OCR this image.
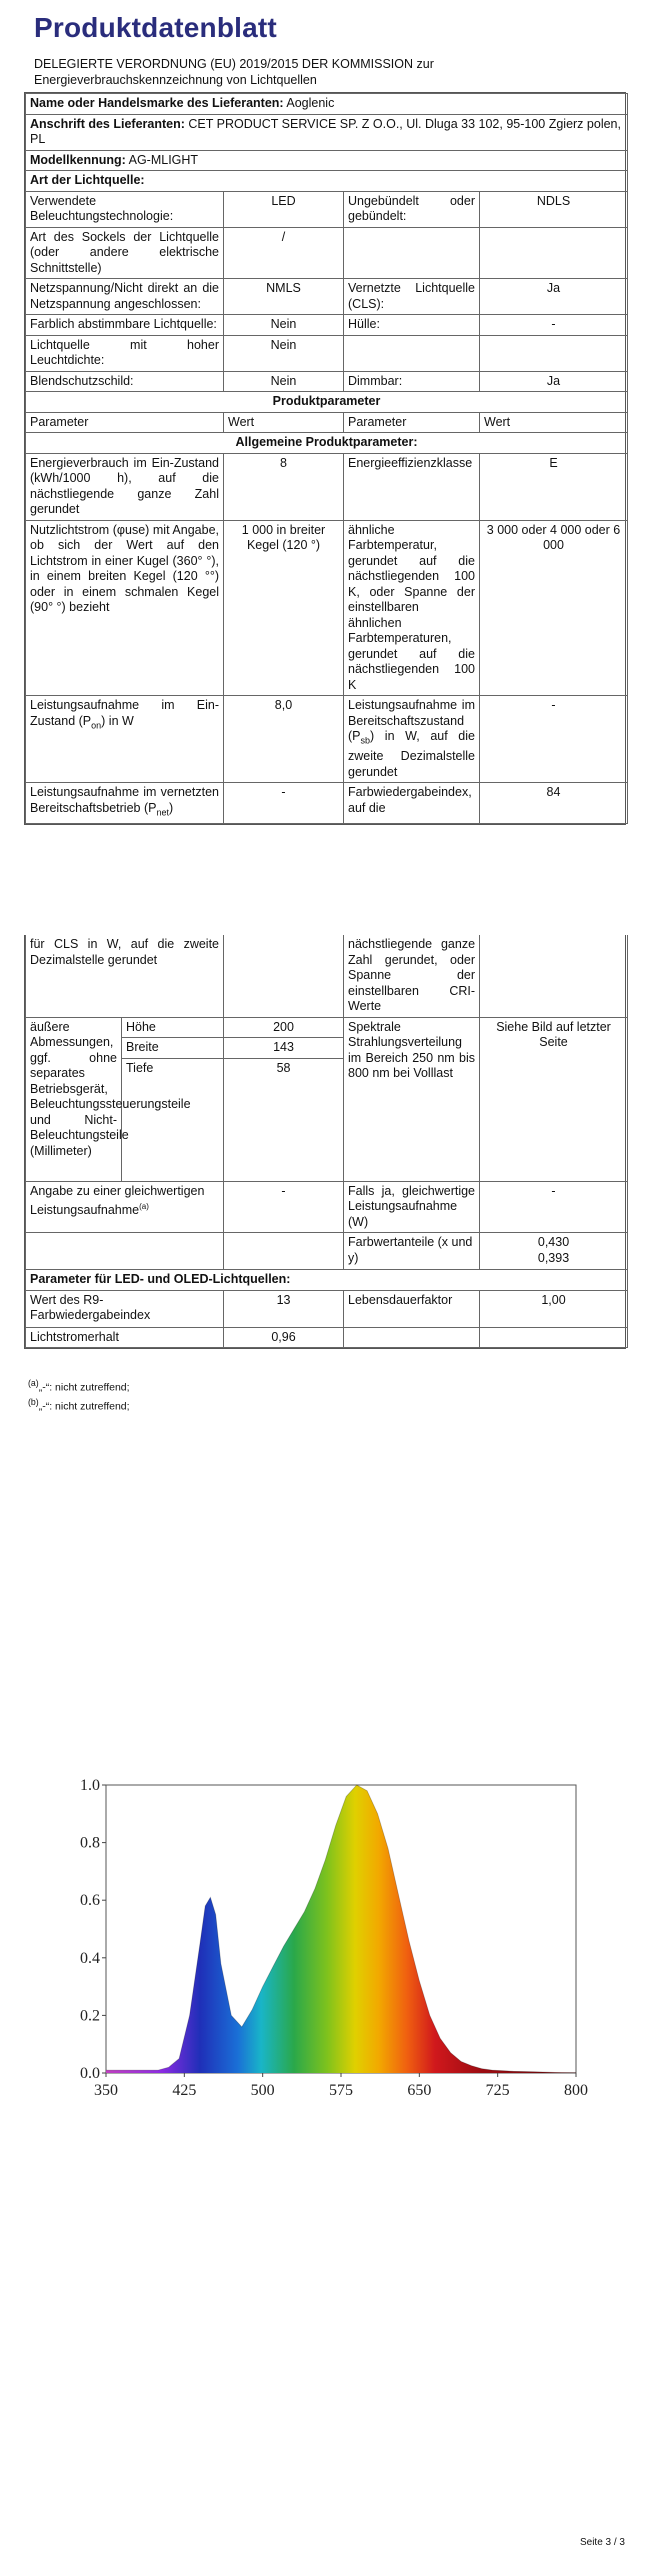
Produktdatenblatt
DELEGIERTE VERORDNUNG (EU) 2019/2015 DER KOMMISSION zur Energieverbrauchskennzeichnung von Lichtquellen
Name oder Handelsmarke des Lieferanten: Aoglenic			
Anschrift des Lieferanten: CET PRODUCT SERVICE SP. Z O.O., Ul. Dluga 33 102, 95-100 Zgierz polen, PL			
Modellkennung: AG-MLIGHT			
Art der Lichtquelle:			
Verwendete Beleuchtungstechnologie:	LED	Ungebündelt oder gebündelt:	NDLS
Art des Sockels der Lichtquelle (oder andere elektrische Schnittstelle)	/		
Netzspannung/Nicht direkt an die Netzspannung angeschlossen:	NMLS	Vernetzte Lichtquelle (CLS):	Ja
Farblich abstimmbare Lichtquelle:	Nein	Hülle:	-
Lichtquelle mit hoher Leuchtdichte:	Nein		
Blendschutzschild:	Nein	Dimmbar:	Ja
Produktparameter			
Parameter	Wert	Parameter	Wert
Allgemeine Produktparameter:			
Energieverbrauch im Ein-Zustand (kWh/1000 h), auf die nächstliegende ganze Zahl gerundet	8	Energieeffizienzklasse	E
Nutzlichtstrom (φuse) mit Angabe, ob sich der Wert auf den Lichtstrom in einer Kugel (360° °), in einem breiten Kegel (120 °°) oder in einem schmalen Kegel (90° °) bezieht	1 000 in breiter Kegel (120 °)	ähnliche Farbtemperatur, gerundet auf die nächstliegenden 100 K, oder Spanne der einstellbaren ähnlichen Farbtemperaturen, gerundet auf die nächstliegenden 100 K	3 000 oder 4 000 oder 6 000
Leistungsaufnahme im Ein-Zustand $(P_{on})$ in W	8,0	Leistungsaufnahme im Bereitschaftszustand $(P_{sb})$ in W, auf die zweite Dezimalstelle gerundet	-
Leistungsaufnahme im vernetzten Bereitschaftsbetrieb $(P_{net})$	-	Farbwiedergabeindex, auf die	84
für CLS in W, auf die zweite Dezimalstelle gerundet			nächstliegende ganze Zahl gerundet, oder Spanne der einstellbaren CRI-Werte	
äußere Abmessungen, ggf. ohne separates Betriebsgerät, Beleuchtungssteuerungsteile und Nicht-Beleuchtungsteile (Millimeter)	Höhe	200	Spektrale Strahlungsverteilung im Bereich 250 nm bis 800 nm bei Volllast	Siehe Bild auf letzter Seite
	Breite	143		
	Tiefe	58		
Angabe zu einer gleichwertigen Leistungsaufnahme$^{(a)}$		-	Falls ja, gleichwertige Leistungsaufnahme (W)	-
			Farbwertanteile (x und y)	0,430
0,393

Parameter für LED- und OLED-Lichtquellen:				
Wert des R9-Farbwiedergabeindex		13	Lebensdauerfaktor	1,00
Lichtstromerhalt		0,96		
$^{(a)}$„-“: nicht zutreffend;
$^{(b)}$„-“: nicht zutreffend;
0.0
0.2
0.4
0.6
0.8
1.0
350	425	500	575	650	725	800
Seite 3 / 3
